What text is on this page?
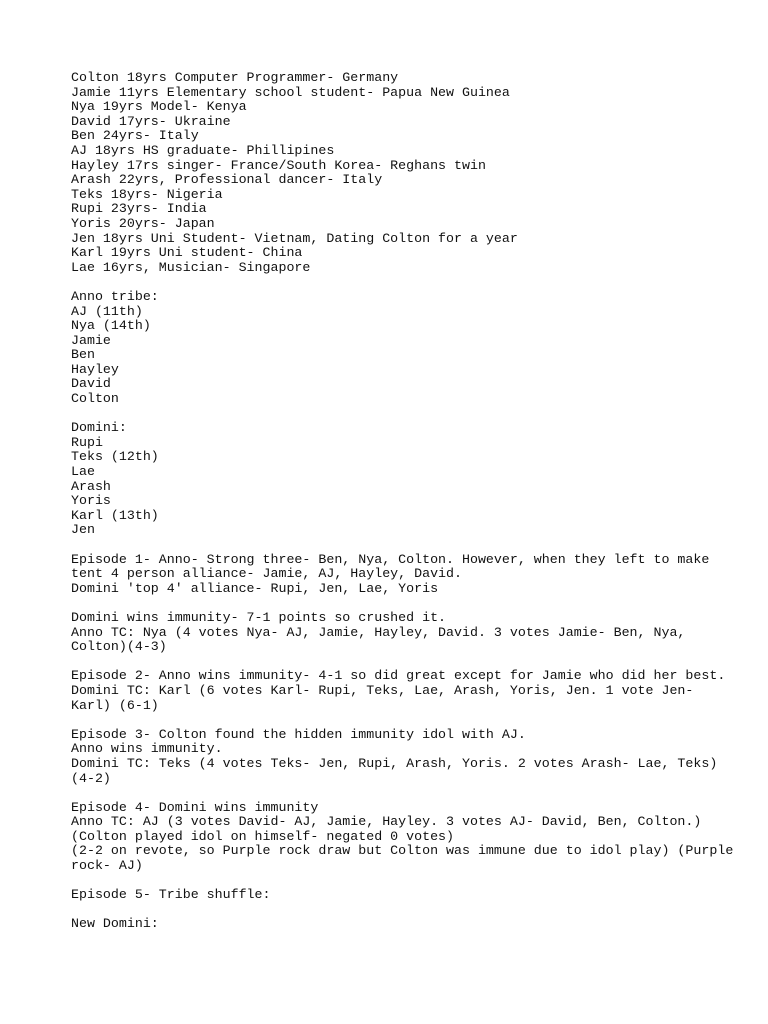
Colton 18yrs Computer Programmer- Germany
Jamie 11yrs Elementary school student- Papua New Guinea
Nya 19yrs Model- Kenya
David 17yrs- Ukraine
Ben 24yrs- Italy
AJ 18yrs HS graduate- Phillipines
Hayley 17rs singer- France/South Korea- Reghans twin
Arash 22yrs, Professional dancer- Italy
Teks 18yrs- Nigeria
Rupi 23yrs- India
Yoris 20yrs- Japan
Jen 18yrs Uni Student- Vietnam, Dating Colton for a year
Karl 19yrs Uni student- China
Lae 16yrs, Musician- Singapore
Anno tribe:
AJ (11th)
Nya (14th)
Jamie
Ben
Hayley
David
Colton
Domini:
Rupi
Teks (12th)
Lae
Arash
Yoris
Karl (13th)
Jen
Episode 1- Anno- Strong three- Ben, Nya, Colton. However, when they left to make
tent 4 person alliance- Jamie, AJ, Hayley, David.
Domini 'top 4' alliance- Rupi, Jen, Lae, Yoris
Domini wins immunity- 7-1 points so crushed it.
Anno TC: Nya (4 votes Nya- AJ, Jamie, Hayley, David. 3 votes Jamie- Ben, Nya,
Colton)(4-3)
Episode 2- Anno wins immunity- 4-1 so did great except for Jamie who did her best.
Domini TC: Karl (6 votes Karl- Rupi, Teks, Lae, Arash, Yoris, Jen. 1 vote Jen-
Karl) (6-1)
Episode 3- Colton found the hidden immunity idol with AJ.
Anno wins immunity.
Domini TC: Teks (4 votes Teks- Jen, Rupi, Arash, Yoris. 2 votes Arash- Lae, Teks)
(4-2)
Episode 4- Domini wins immunity
Anno TC: AJ (3 votes David- AJ, Jamie, Hayley. 3 votes AJ- David, Ben, Colton.)
(Colton played idol on himself- negated 0 votes)
(2-2 on revote, so Purple rock draw but Colton was immune due to idol play) (Purple
rock- AJ)
Episode 5- Tribe shuffle:
New Domini:
